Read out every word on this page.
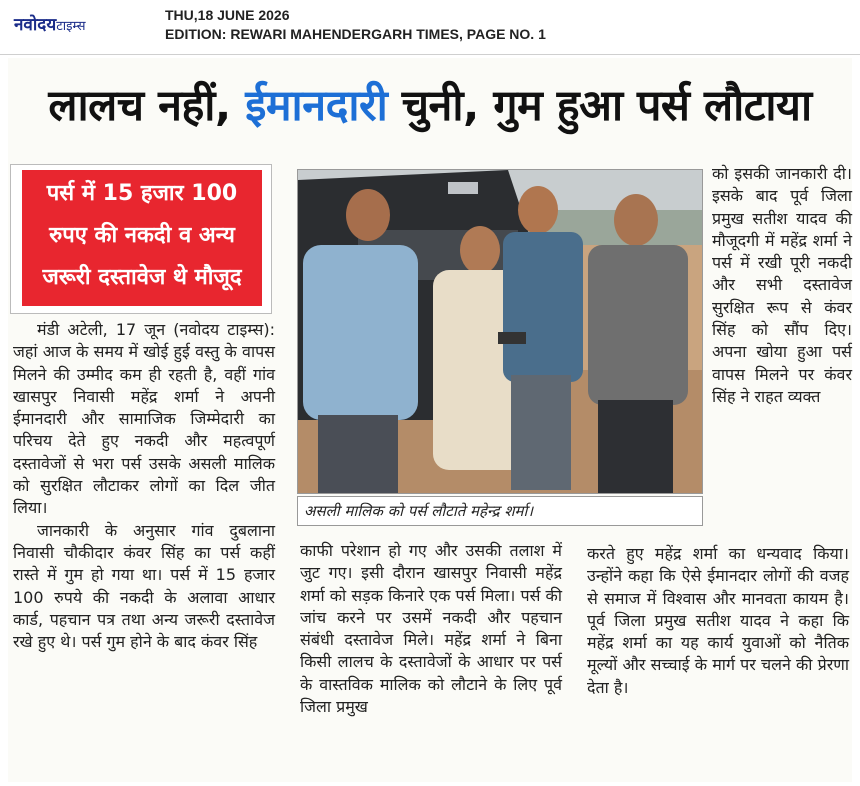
नवोदयटाइम्स
THU,18 JUNE 2026
EDITION: REWARI MAHENDERGARH TIMES, PAGE NO. 1
लालच नहीं, ईमानदारी चुनी, गुम हुआ पर्स लौटाया
पर्स में 15 हजार 100
रुपए की नकदी व अन्य
जरूरी दस्तावेज थे मौजूद

मंडी अटेली, 17 जून (नवोदय टाइम्स): जहां आज के समय में खोई हुई वस्तु के वापस मिलने की उम्मीद कम ही रहती है, वहीं गांव खासपुर निवासी महेंद्र शर्मा ने अपनी ईमानदारी और सामाजिक जिम्मेदारी का परिचय देते हुए नकदी और महत्वपूर्ण दस्तावेजों से भरा पर्स उसके असली मालिक को सुरक्षित लौटाकर लोगों का दिल जीत लिया।

जानकारी के अनुसार गांव दुबलाना निवासी चौकीदार कंवर सिंह का पर्स कहीं रास्ते में गुम हो गया था। पर्स में 15 हजार 100 रुपये की नकदी के अलावा आधार कार्ड, पहचान पत्र तथा अन्य जरूरी दस्तावेज रखे हुए थे। पर्स गुम होने के बाद कंवर सिंह

असली मालिक को पर्स लौटाते महेन्द्र शर्मा।

काफी परेशान हो गए और उसकी तलाश में जुट गए। इसी दौरान खासपुर निवासी महेंद्र शर्मा को सड़क किनारे एक पर्स मिला। पर्स की जांच करने पर उसमें नकदी और पहचान संबंधी दस्तावेज मिले। महेंद्र शर्मा ने बिना किसी लालच के दस्तावेजों के आधार पर पर्स के वास्तविक मालिक को लौटाने के लिए पूर्व जिला प्रमुख

को इसकी जानकारी दी। इसके बाद पूर्व जिला प्रमुख सतीश यादव की मौजूदगी में महेंद्र शर्मा ने पर्स में रखी पूरी नकदी और सभी दस्तावेज सुरक्षित रूप से कंवर सिंह को सौंप दिए। अपना खोया हुआ पर्स वापस मिलने पर कंवर सिंह ने राहत व्यक्त

करते हुए महेंद्र शर्मा का धन्यवाद किया। उन्होंने कहा कि ऐसे ईमानदार लोगों की वजह से समाज में विश्वास और मानवता कायम है। पूर्व जिला प्रमुख सतीश यादव ने कहा कि महेंद्र शर्मा का यह कार्य युवाओं को नैतिक मूल्यों और सच्चाई के मार्ग पर चलने की प्रेरणा देता है।
